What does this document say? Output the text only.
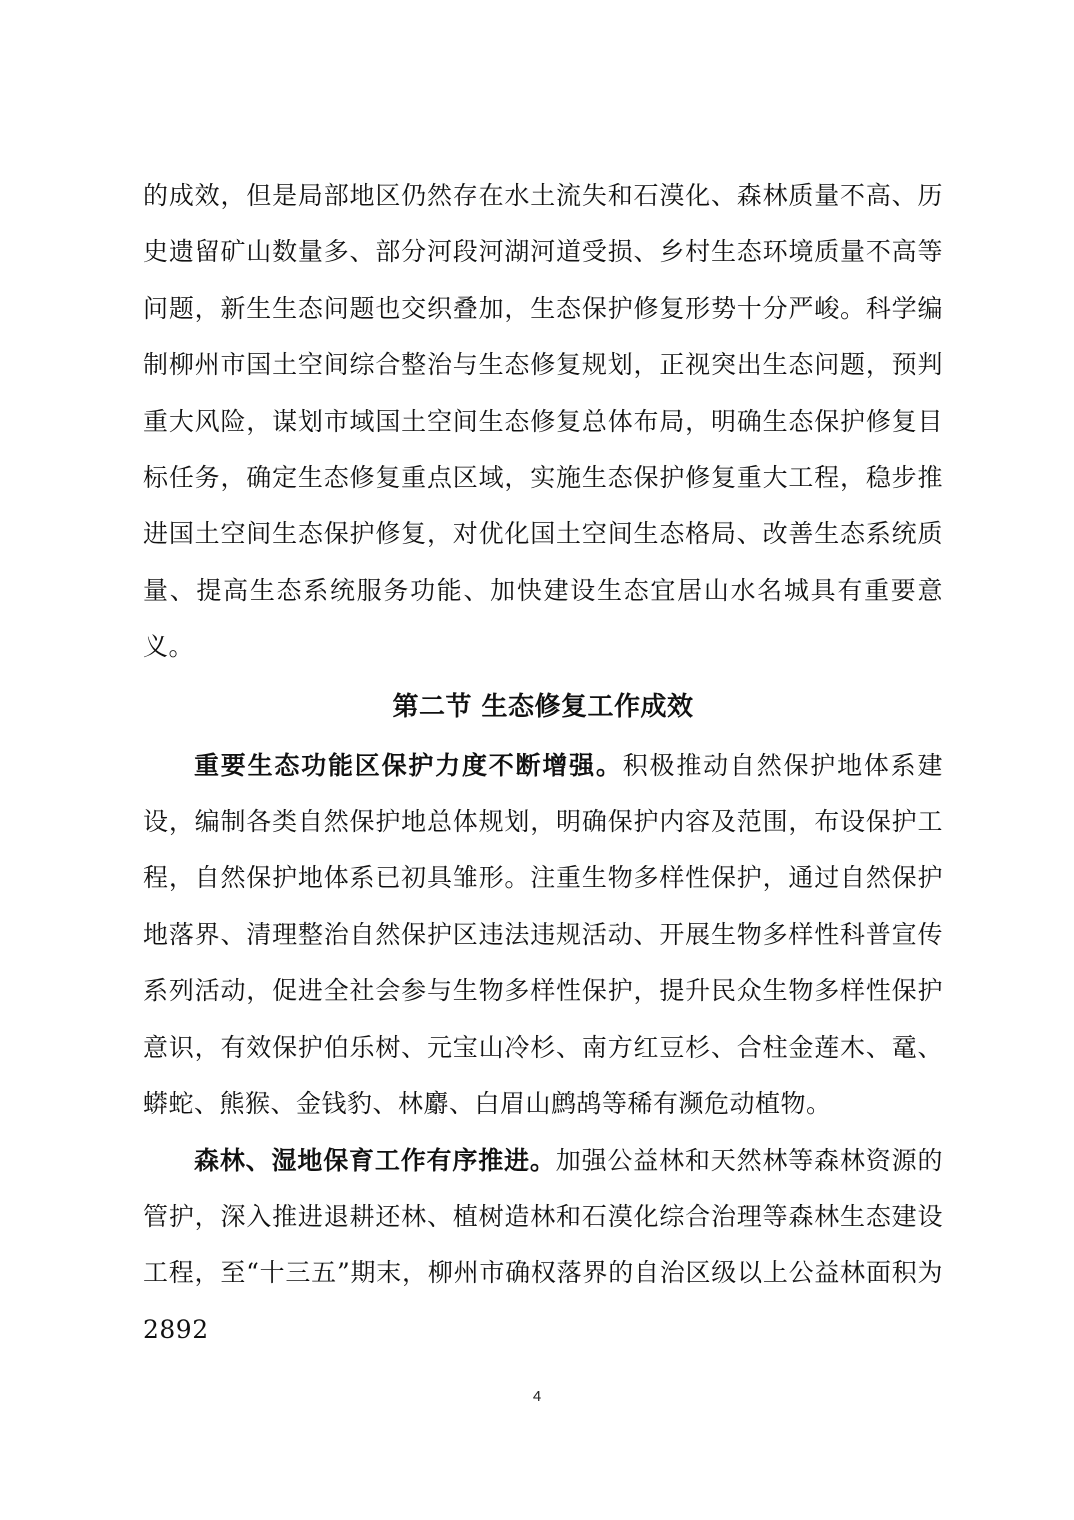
的成效，但是局部地区仍然存在水土流失和石漠化、森林质量不高、历史遗留矿山数量多、部分河段河湖河道受损、乡村生态环境质量不高等问题，新生生态问题也交织叠加，生态保护修复形势十分严峻。科学编制柳州市国土空间综合整治与生态修复规划，正视突出生态问题，预判重大风险，谋划市域国土空间生态修复总体布局，明确生态保护修复目标任务，确定生态修复重点区域，实施生态保护修复重大工程，稳步推进国土空间生态保护修复，对优化国土空间生态格局、改善生态系统质量、提高生态系统服务功能、加快建设生态宜居山水名城具有重要意义。

第二节 生态修复工作成效

重要生态功能区保护力度不断增强。积极推动自然保护地体系建设，编制各类自然保护地总体规划，明确保护内容及范围，布设保护工程，自然保护地体系已初具雏形。注重生物多样性保护，通过自然保护地落界、清理整治自然保护区违法违规活动、开展生物多样性科普宣传系列活动，促进全社会参与生物多样性保护，提升民众生物多样性保护意识，有效保护伯乐树、元宝山冷杉、南方红豆杉、合柱金莲木、鼋、蟒蛇、熊猴、金钱豹、林麝、白眉山鹧鸪等稀有濒危动植物。

森林、湿地保育工作有序推进。加强公益林和天然林等森林资源的管护，深入推进退耕还林、植树造林和石漠化综合治理等森林生态建设工程，至“十三五”期末，柳州市确权落界的自治区级以上公益林面积为 2892

4
